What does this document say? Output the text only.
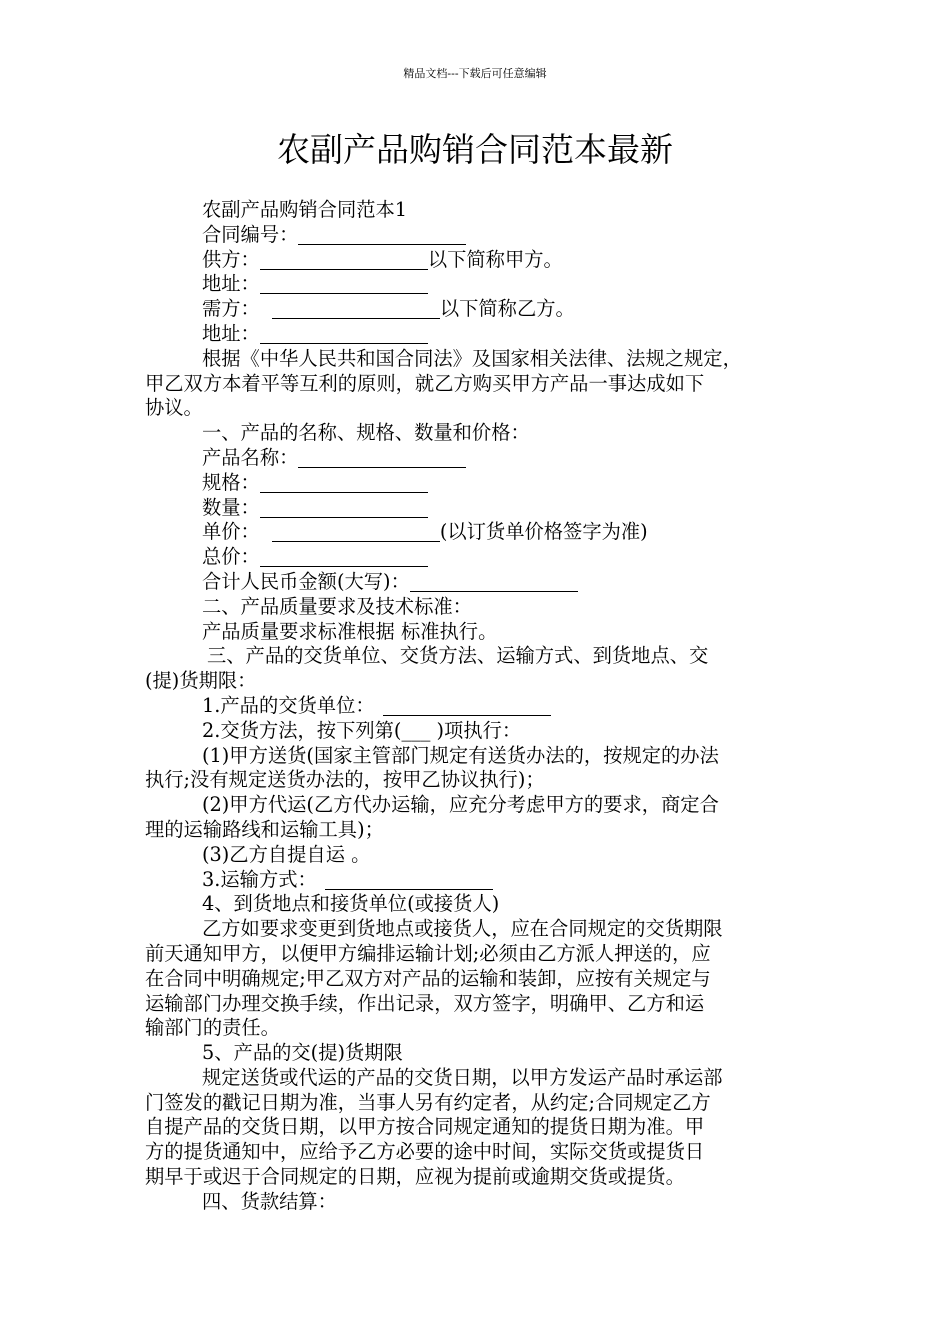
精品文档---下载后可任意编辑
农副产品购销合同范本最新
农副产品购销合同范本1
合同编号：
供方：	以下简称甲方。
地址：
需方：	以下简称乙方。
地址：
根据《中华人民共和国合同法》及国家相关法律、法规之规定，
甲乙双方本着平等互利的原则，就乙方购买甲方产品一事达成如下
协议。
一、产品的名称、规格、数量和价格：
产品名称：
规格：
数量：
单价：	(以订货单价格签字为准)
总价：
合计人民币金额(大写)：
二、产品质量要求及技术标准：
产品质量要求标准根据 标准执行。
三、产品的交货单位、交货方法、运输方式、到货地点、交
(提)货期限：
1.产品的交货单位：
2.交货方法，按下列第(___ )项执行：
(1)甲方送货(国家主管部门规定有送货办法的，按规定的办法
执行;没有规定送货办法的，按甲乙协议执行)；
(2)甲方代运(乙方代办运输，应充分考虑甲方的要求，商定合
理的运输路线和运输工具)；
(3)乙方自提自运 。
3.运输方式：
4、到货地点和接货单位(或接货人)
乙方如要求变更到货地点或接货人，应在合同规定的交货期限
前天通知甲方，以便甲方编排运输计划;必须由乙方派人押送的，应
在合同中明确规定;甲乙双方对产品的运输和装卸，应按有关规定与
运输部门办理交换手续，作出记录，双方签字，明确甲、乙方和运
输部门的责任。
5、产品的交(提)货期限
规定送货或代运的产品的交货日期，以甲方发运产品时承运部
门签发的戳记日期为准，当事人另有约定者，从约定;合同规定乙方
自提产品的交货日期，以甲方按合同规定通知的提货日期为准。甲
方的提货通知中，应给予乙方必要的途中时间，实际交货或提货日
期早于或迟于合同规定的日期，应视为提前或逾期交货或提货。
四、货款结算：
